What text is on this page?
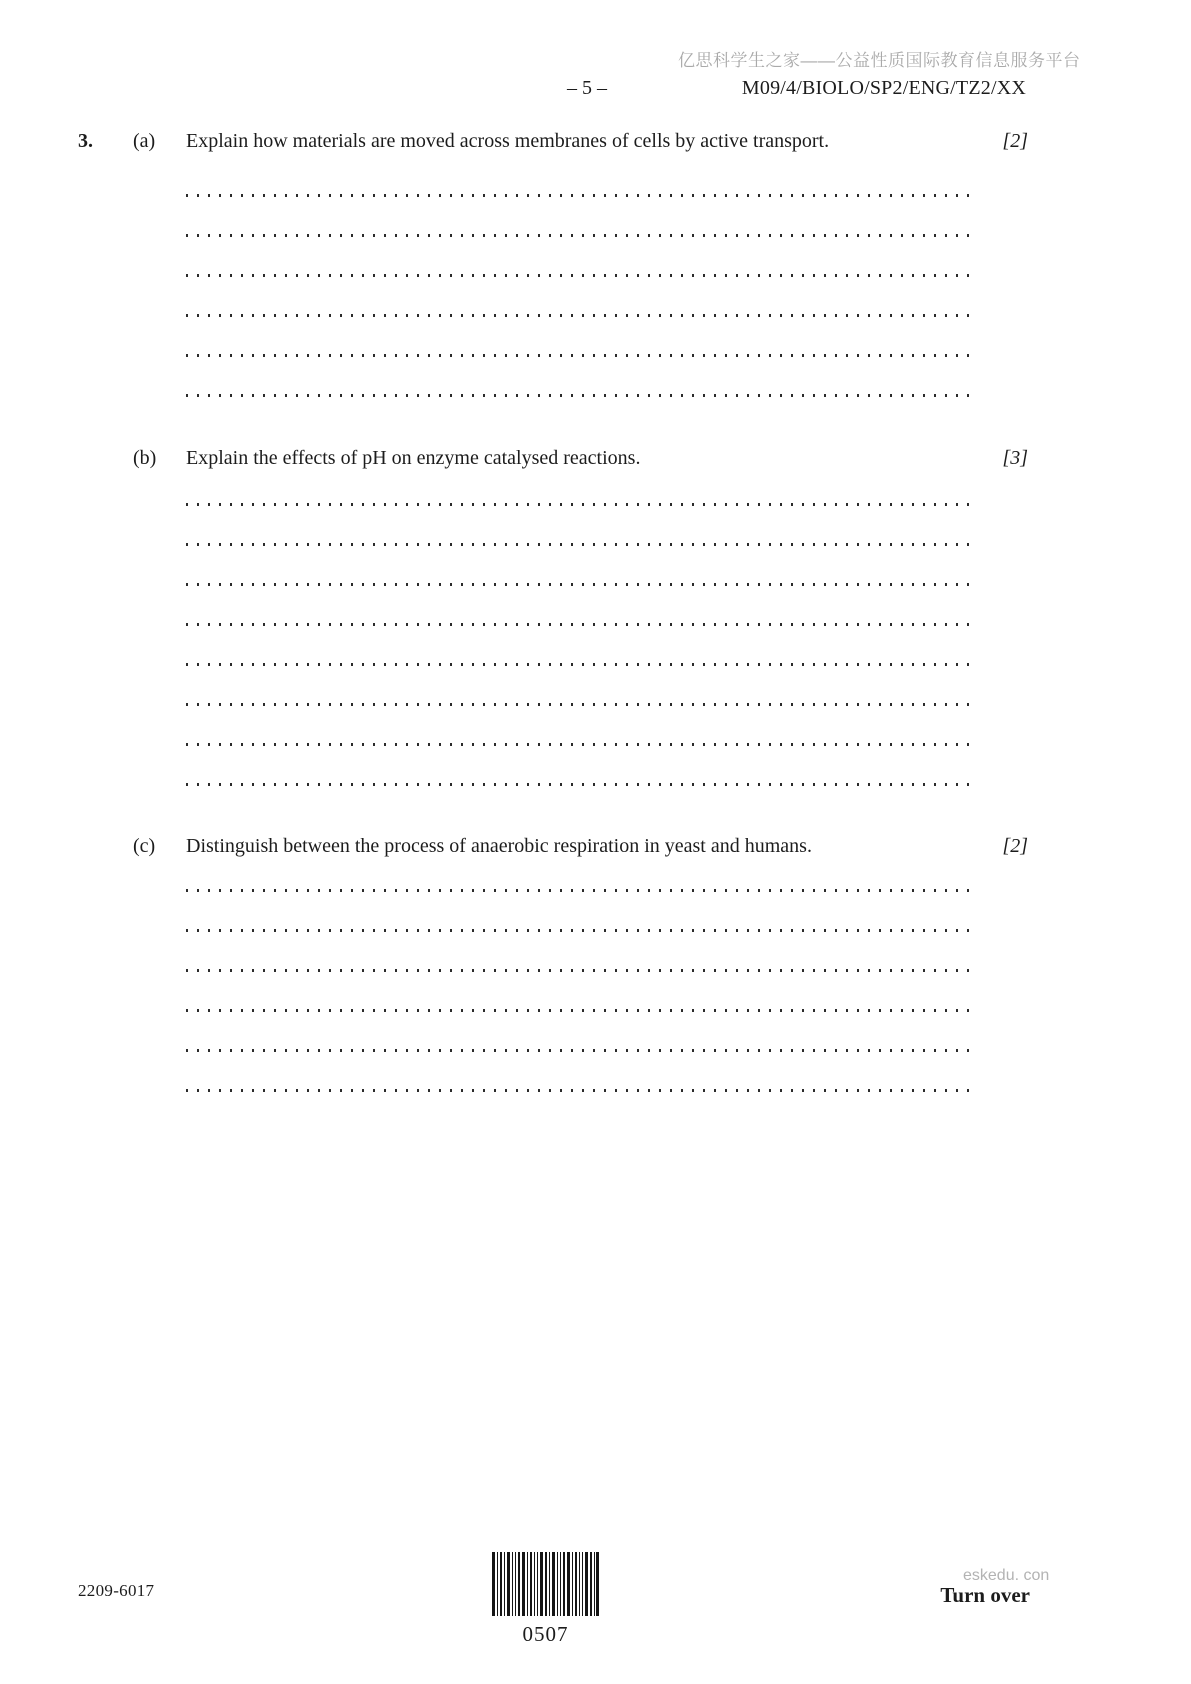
亿思科学生之家——公益性质国际教育信息服务平台
– 5 –	M09/4/BIOLO/SP2/ENG/TZ2/XX
3. (a) Explain how materials are moved across membranes of cells by active transport.	[2]
(b) Explain the effects of pH on enzyme catalysed reactions.	[3]
(c) Distinguish between the process of anaerobic respiration in yeast and humans.	[2]
2209-6017
0507
eskedu. con
Turn over
